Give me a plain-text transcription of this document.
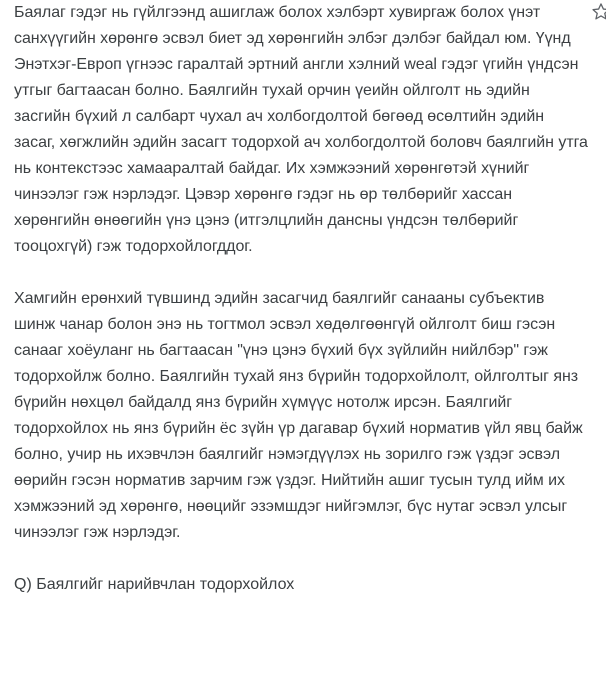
Баялаг гэдэг нь гүйлгээнд ашиглаж болох хэлбэрт хувиргаж болох үнэт санхүүгийн хөрөнгө эсвэл биет эд хөрөнгийн элбэг дэлбэг байдал юм. Үүнд Энэтхэг-Европ үгнээс гаралтай эртний англи хэлний weal гэдэг үгийн үндсэн утгыг багтаасан болно. Баялгийн тухай орчин үеийн ойлголт нь эдийн засгийн бүхий л салбарт чухал ач холбогдолтой бөгөөд өсөлтийн эдийн засаг, хөгжлийн эдийн засагт тодорхой ач холбогдолтой боловч баялгийн утга нь контекстээс хамааралтай байдаг. Их хэмжээний хөрөнгөтэй хүнийг чинээлэг гэж нэрлэдэг. Цэвэр хөрөнгө гэдэг нь өр төлбөрийг хассан хөрөнгийн өнөөгийн үнэ цэнэ (итгэлцлийн дансны үндсэн төлбөрийг тооцохгүй) гэж тодорхойлогддог.

Хамгийн ерөнхий түвшинд эдийн засагчид баялгийг санааны субъектив шинж чанар болон энэ нь тогтмол эсвэл хөдөлгөөнгүй ойлголт биш гэсэн санааг хоёуланг нь багтаасан "үнэ цэнэ бүхий бүх зүйлийн нийлбэр" гэж тодорхойлж болно. Баялгийн тухай янз бүрийн тодорхойлолт, ойлголтыг янз бүрийн нөхцөл байдалд янз бүрийн хүмүүс нотолж ирсэн. Баялгийг тодорхойлох нь янз бүрийн ёс зүйн үр дагавар бүхий норматив үйл явц байж болно, учир нь ихэвчлэн баялгийг нэмэгдүүлэх нь зорилго гэж үздэг эсвэл өөрийн гэсэн норматив зарчим гэж үздэг. Нийтийн ашиг тусын тулд ийм их хэмжээний эд хөрөнгө, нөөцийг эзэмшдэг нийгэмлэг, бүс нутаг эсвэл улсыг чинээлэг гэж нэрлэдэг.

Q) Баялгийг нарийвчлан тодорхойлох
